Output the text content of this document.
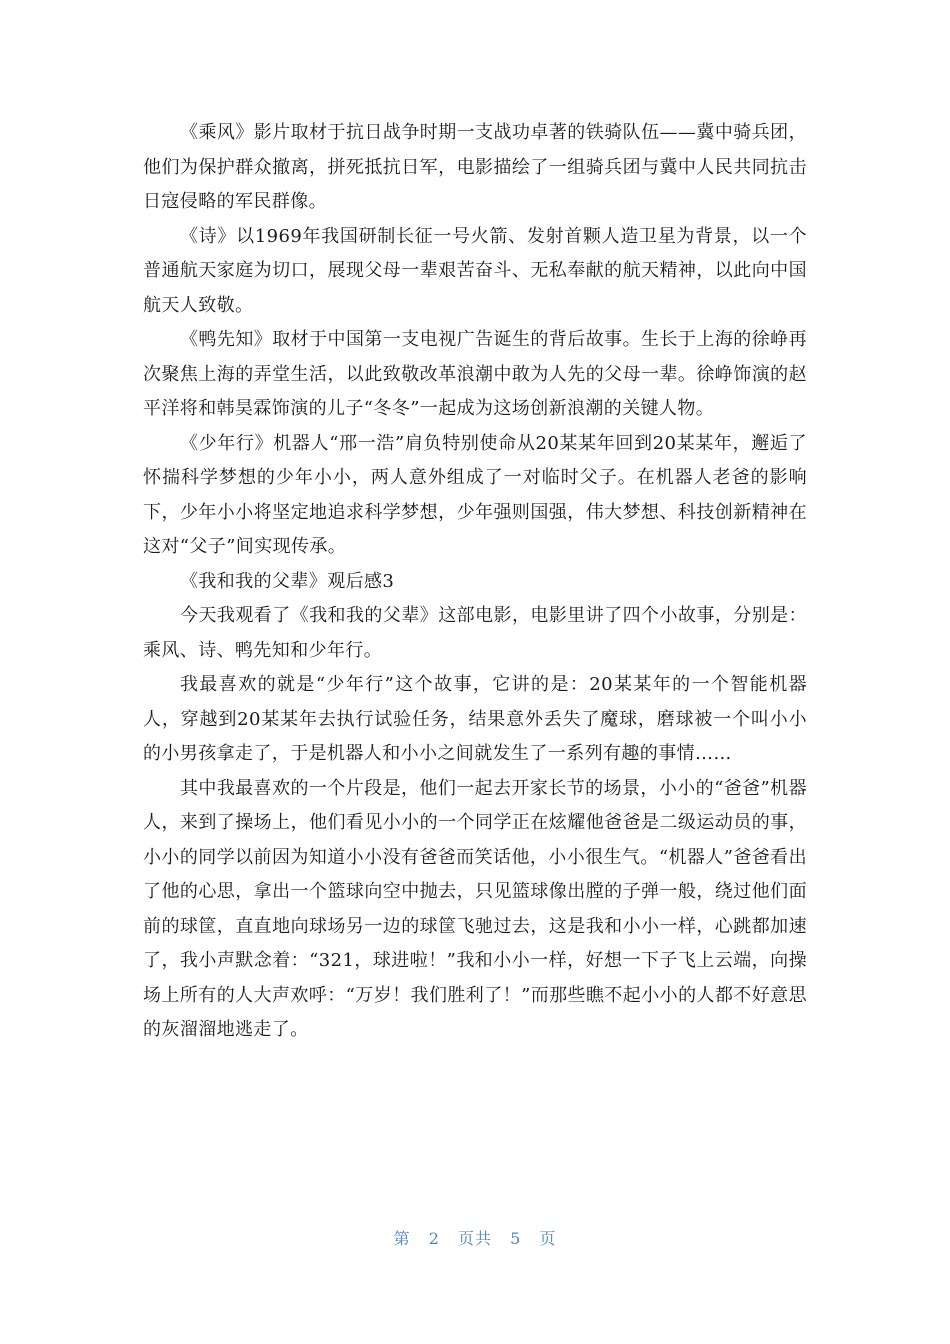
《乘风》影片取材于抗日战争时期一支战功卓著的铁骑队伍——冀中骑兵团，他们为保护群众撤离，拼死抵抗日军，电影描绘了一组骑兵团与冀中人民共同抗击日寇侵略的军民群像。

《诗》以1969年我国研制长征一号火箭、发射首颗人造卫星为背景，以一个普通航天家庭为切口，展现父母一辈艰苦奋斗、无私奉献的航天精神，以此向中国航天人致敬。

《鸭先知》取材于中国第一支电视广告诞生的背后故事。生长于上海的徐峥再次聚焦上海的弄堂生活，以此致敬改革浪潮中敢为人先的父母一辈。徐峥饰演的赵平洋将和韩昊霖饰演的儿子“冬冬”一起成为这场创新浪潮的关键人物。

《少年行》机器人“邢一浩”肩负特别使命从20某某年回到20某某年，邂逅了怀揣科学梦想的少年小小，两人意外组成了一对临时父子。在机器人老爸的影响下，少年小小将坚定地追求科学梦想，少年强则国强，伟大梦想、科技创新精神在这对“父子”间实现传承。

《我和我的父辈》观后感3

今天我观看了《我和我的父辈》这部电影，电影里讲了四个小故事，分别是：乘风、诗、鸭先知和少年行。

我最喜欢的就是“少年行”这个故事，它讲的是：20某某年的一个智能机器人，穿越到20某某年去执行试验任务，结果意外丢失了魔球，磨球被一个叫小小的小男孩拿走了，于是机器人和小小之间就发生了一系列有趣的事情……

其中我最喜欢的一个片段是，他们一起去开家长节的场景，小小的“爸爸”机器人，来到了操场上，他们看见小小的一个同学正在炫耀他爸爸是二级运动员的事，小小的同学以前因为知道小小没有爸爸而笑话他，小小很生气。“机器人”爸爸看出了他的心思，拿出一个篮球向空中抛去，只见篮球像出膛的子弹一般，绕过他们面前的球筐，直直地向球场另一边的球筐飞驰过去，这是我和小小一样，心跳都加速了，我小声默念着：“321，球进啦！”我和小小一样，好想一下子飞上云端，向操场上所有的人大声欢呼：“万岁！我们胜利了！”而那些瞧不起小小的人都不好意思的灰溜溜地逃走了。

第 2 页共 5 页
